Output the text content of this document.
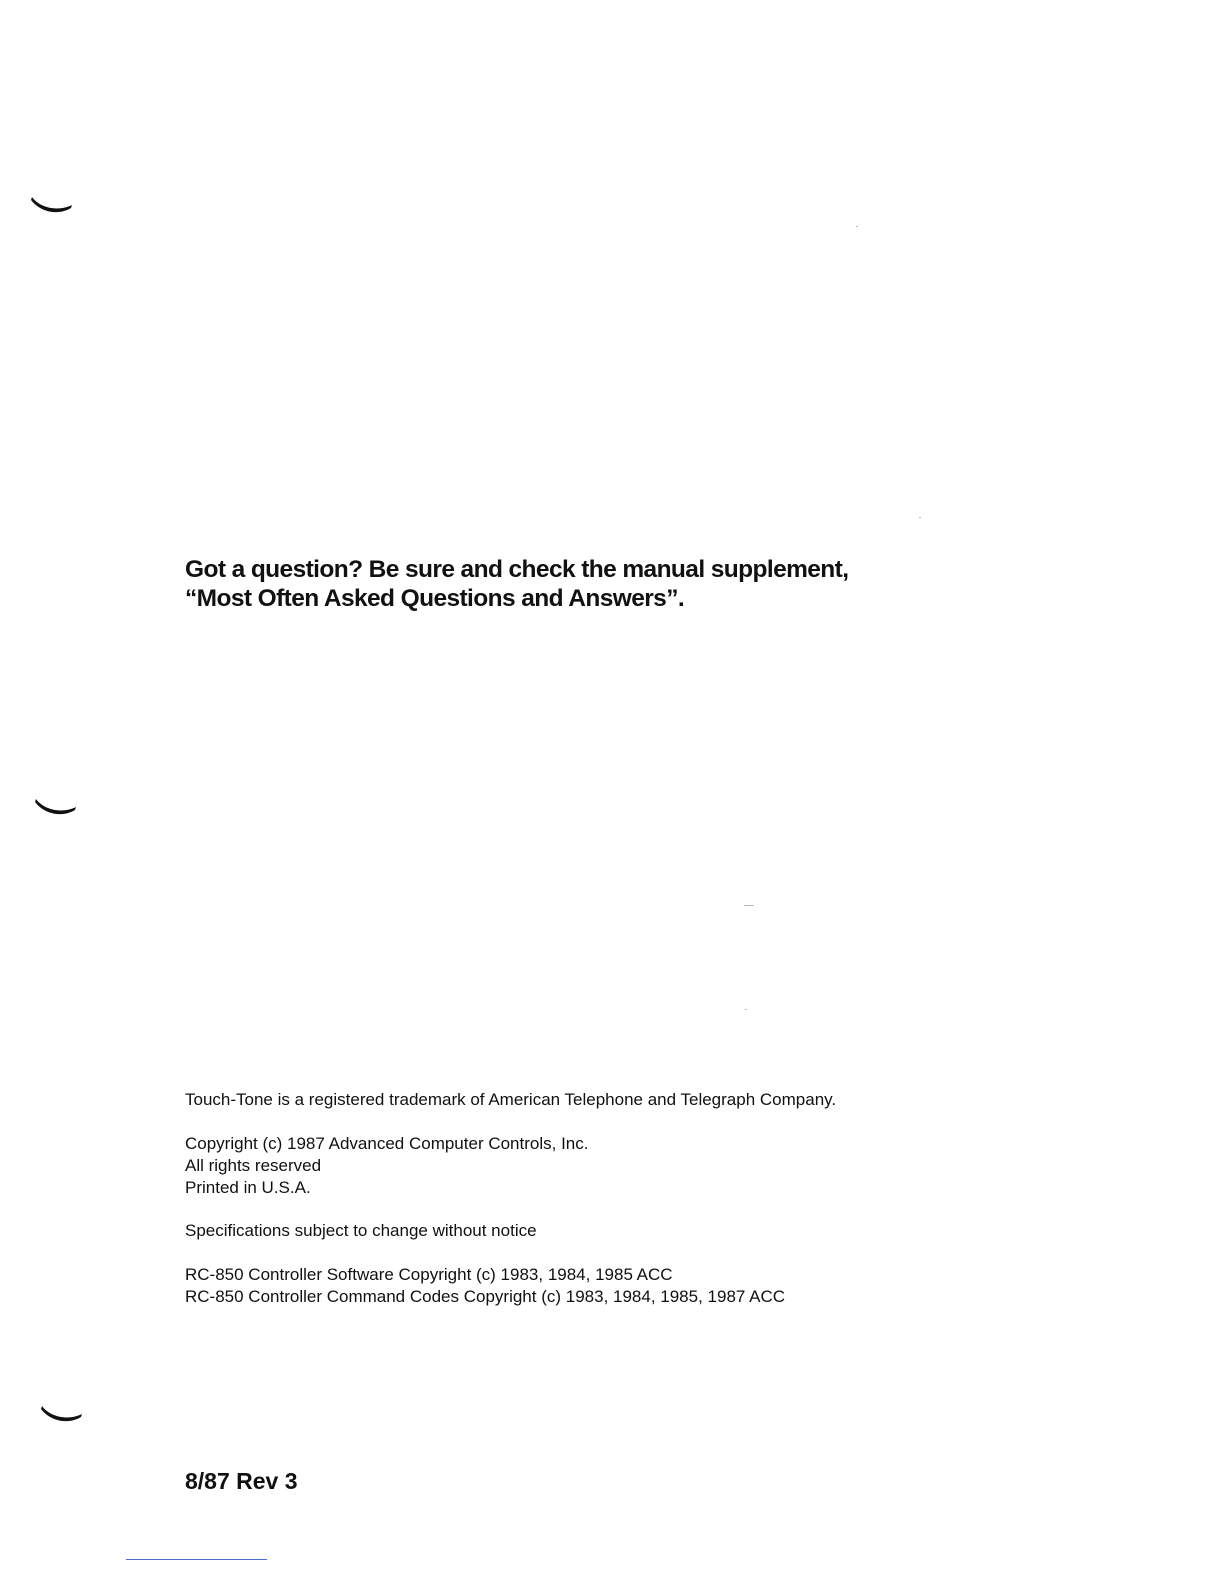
Got a question? Be sure and check the manual supplement,
“Most Often Asked Questions and Answers”.
Touch-Tone is a registered trademark of American Telephone and Telegraph Company.
Copyright (c) 1987 Advanced Computer Controls, Inc.
All rights reserved
Printed in U.S.A.
Specifications subject to change without notice
RC-850 Controller Software Copyright (c) 1983, 1984, 1985 ACC
RC-850 Controller Command Codes Copyright (c) 1983, 1984, 1985, 1987 ACC
8/87 Rev 3
